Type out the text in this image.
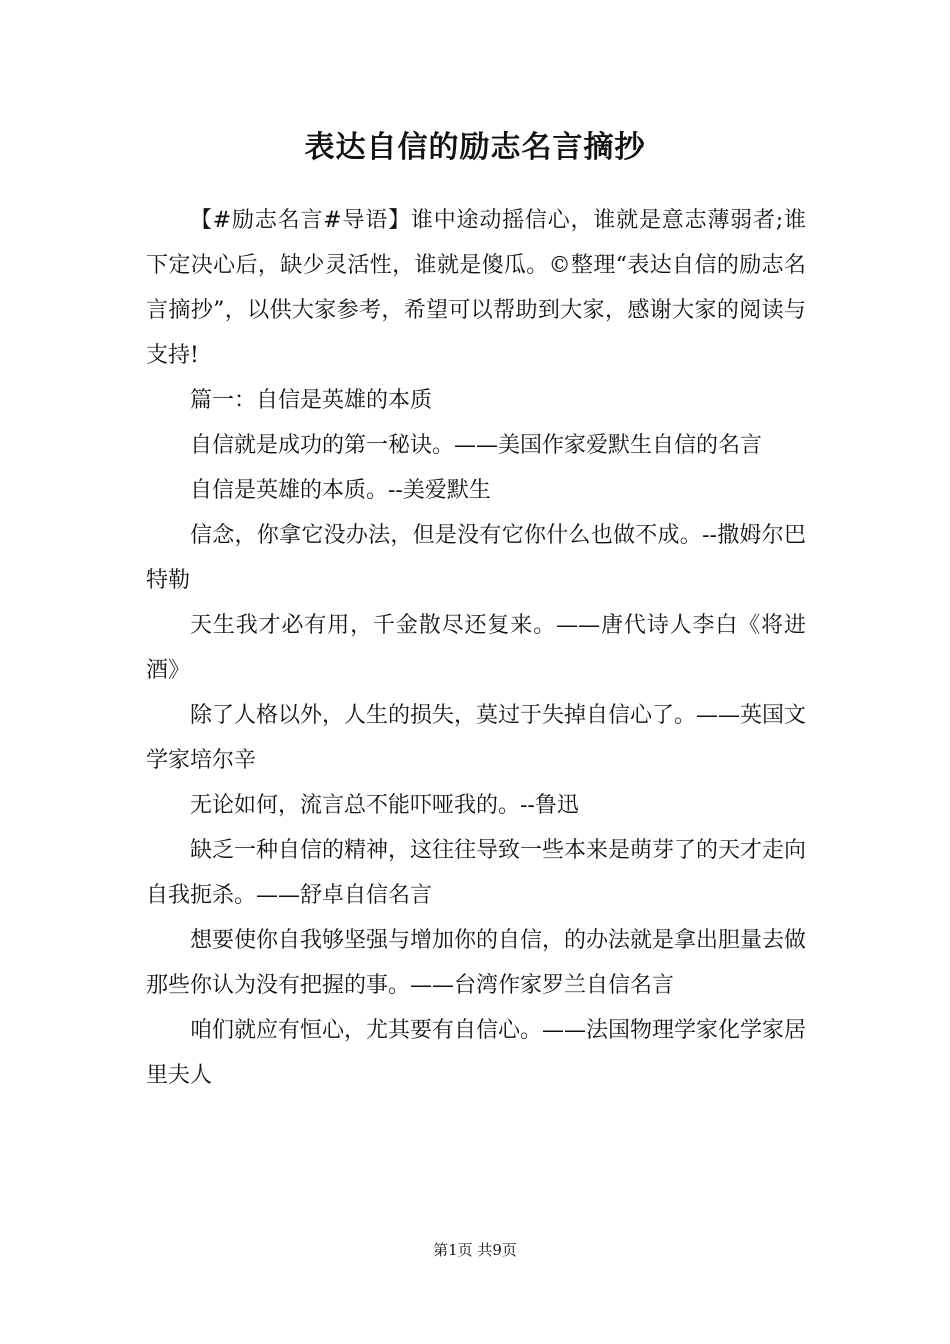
表达自信的励志名言摘抄

【#励志名言#导语】谁中途动摇信心，谁就是意志薄弱者;谁下定决心后，缺少灵活性，谁就是傻瓜。©整理“表达自信的励志名言摘抄”，以供大家参考，希望可以帮助到大家，感谢大家的阅读与支持!

篇一：自信是英雄的本质

自信就是成功的第一秘诀。——美国作家爱默生自信的名言

自信是英雄的本质。--美爱默生

信念，你拿它没办法，但是没有它你什么也做不成。--撒姆尔巴特勒

天生我才必有用，千金散尽还复来。——唐代诗人李白《将进酒》

除了人格以外，人生的损失，莫过于失掉自信心了。——英国文学家培尔辛

无论如何，流言总不能吓哑我的。--鲁迅

缺乏一种自信的精神，这往往导致一些本来是萌芽了的天才走向自我扼杀。——舒卓自信名言

想要使你自我够坚强与增加你的自信，的办法就是拿出胆量去做那些你认为没有把握的事。——台湾作家罗兰自信名言

咱们就应有恒心，尤其要有自信心。——法国物理学家化学家居里夫人

第1页 共9页
